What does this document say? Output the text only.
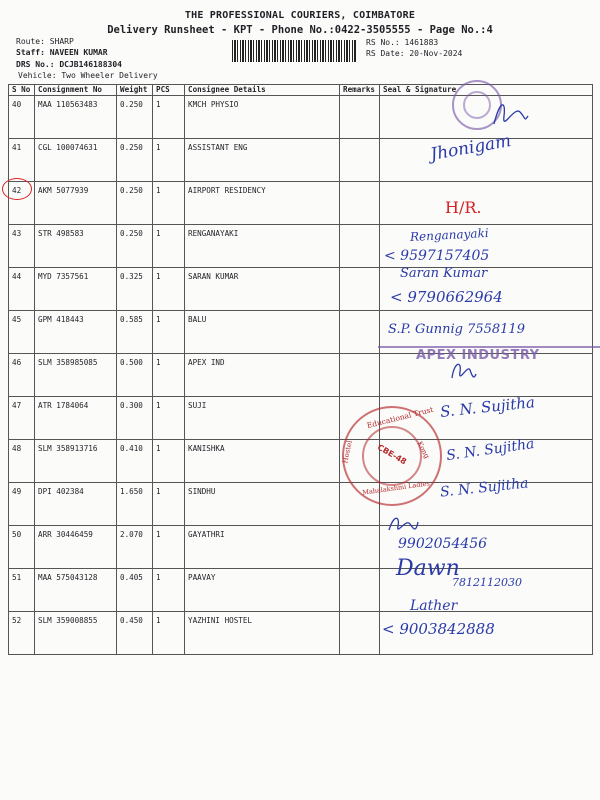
THE PROFESSIONAL COURIERS, COIMBATORE
Delivery Runsheet - KPT - Phone No.:0422-3505555 - Page No.:4
Route: SHARP
Staff: NAVEEN KUMAR
DRS No.: DCJB146188304
Vehicle: Two Wheeler Delivery
RS No.: 1461883
RS Date: 20-Nov-2024
S No	Consignment No	Weight	PCS	Consignee Details	Remarks	Seal & Signature
40	MAA 110563483	0.250	1	KMCH PHYSIO		
41	CGL 100074631	0.250	1	ASSISTANT ENG		
42	AKM 5077939	0.250	1	AIRPORT RESIDENCY		
43	STR 498583	0.250	1	RENGANAYAKI		
44	MYD 7357561	0.325	1	SARAN KUMAR		
45	GPM 418443	0.585	1	BALU		
46	SLM 358985085	0.500	1	APEX IND		
47	ATR 1784064	0.300	1	SUJI		
48	SLM 358913716	0.410	1	KANISHKA		
49	DPI 402384	1.650	1	SINDHU		
50	ARR 30446459	2.070	1	GAYATHRI		
51	MAA 575043128	0.405	1	PAAVAY		
52	SLM 359008855	0.450	1	YAZHINI HOSTEL		
Jhonigam
H/R.
Renganayaki
< 9597157405
Saran Kumar
< 9790662964
S.P. Gunnig 7558119
APEX INDUSTRY
S. N. Sujitha
S. N. Sujitha
S. N. Sujitha
Educational Trust
Kong
Hostel
Mahalakshmi Ladies
CBE-48
9902054456
Dawn
7812112030
Lather
< 9003842888
